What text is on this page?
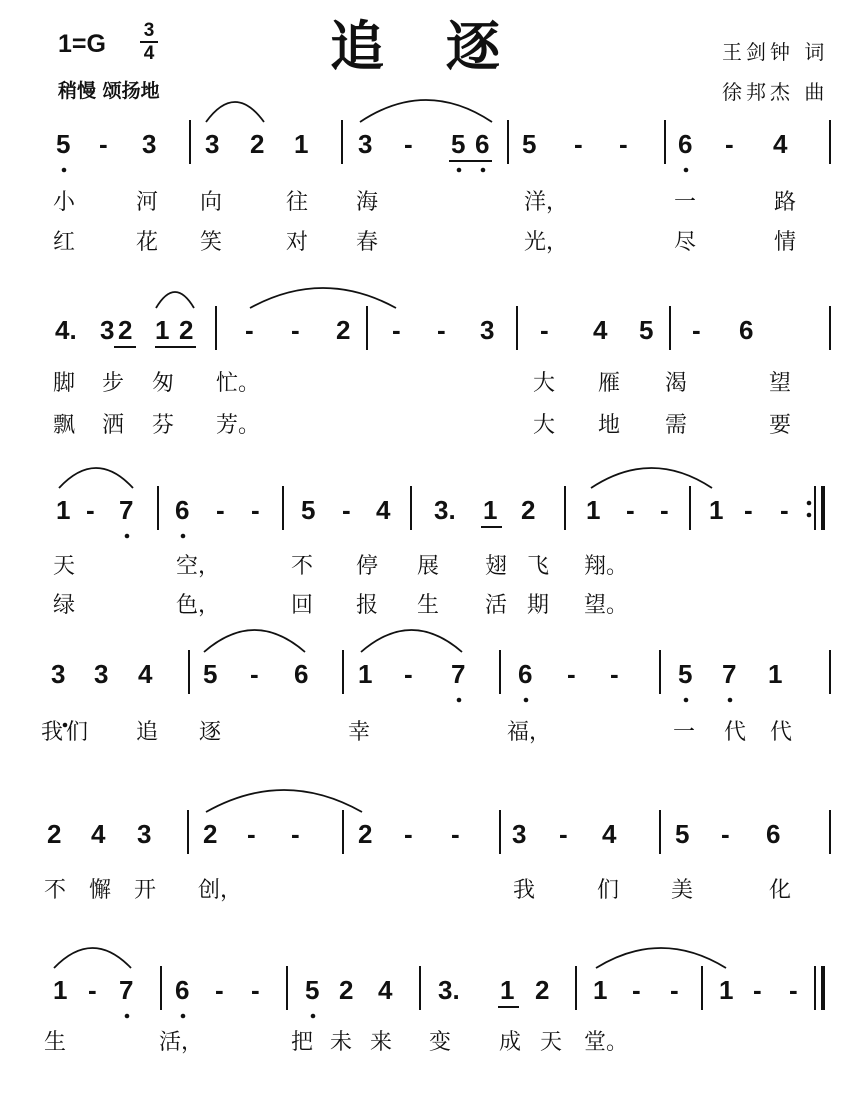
追逐
1=G 3
4
稍慢 颂扬地
王剑钟 词
徐邦杰 曲
5 - 3 3 2 1 3 - 5 6 5 - - 6 - 4
小	河 向	往 海	洋，	一	路
红	花 笑	对 春	光，	尽	情
4. 3 2 1 2 - - 2 - - 3 - 4 5 - 6
脚 步 匆 忙。	大 雁 渴	望
飘 洒 芬 芳。	大 地 需	要
1 - 7 6 - - 5 - 4 3. 1 2 1 - - 1 - -
天	空，	不 停 展 翅 飞 翔。
绿	色，	回 报 生 活 期 望。
3 3 4 5 - 6 1 - 7 6 - - 5 7 1
我 们 追 逐	幸	福，	一 代 代
2 4 3 2 - - 2 - - 3 - 4 5 - 6
不 懈 开 创，	我	们 美	化
1 - 7 6 - - 5 2 4 3. 1 2 1 - - 1 - -
生	活，	把 未 来 变 成 天 堂。
